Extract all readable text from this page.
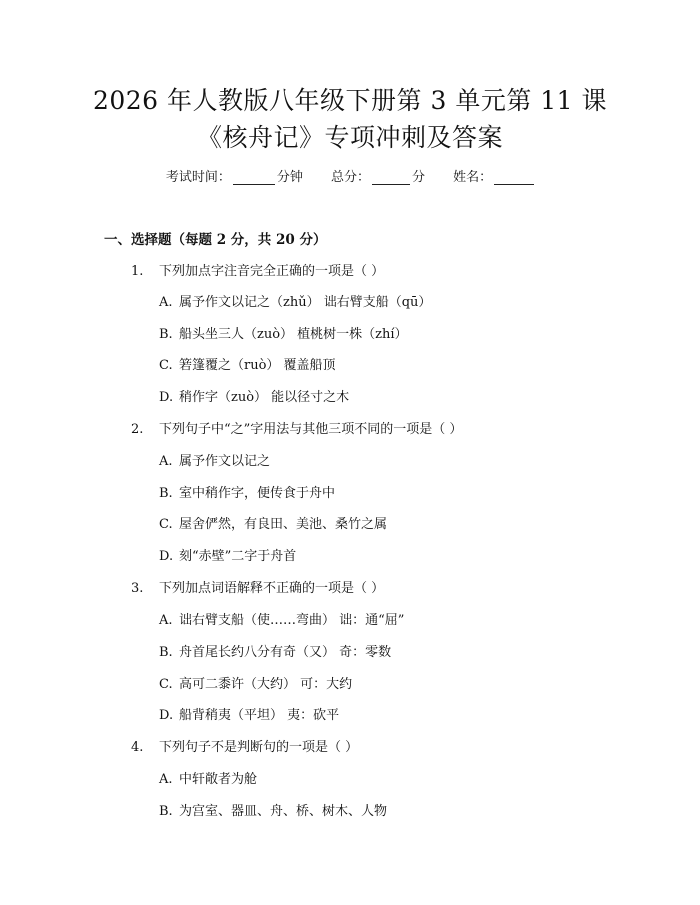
2026 年人教版八年级下册第 3 单元第 11 课
《核舟记》专项冲刺及答案
考试时间：	分钟 总分：	分 姓名：
一、选择题（每题 2 分，共 20 分）
1.	下列加点字注音完全正确的一项是（ ）
A. 属予作文以记之（zhǔ） 诎右臂支船（qū）
B. 船头坐三人（zuò） 植桃树一株（zhí）
C. 箬篷覆之（ruò） 覆盖船顶
D. 稍作字（zuò） 能以径寸之木
2.	下列句子中“之”字用法与其他三项不同的一项是（ ）
A. 属予作文以记之
B. 室中稍作字，便传食于舟中
C. 屋舍俨然，有良田、美池、桑竹之属
D. 刻“赤壁”二字于舟首
3.	下列加点词语解释不正确的一项是（ ）
A. 诎右臂支船（使……弯曲） 诎：通“屈”
B. 舟首尾长约八分有奇（又） 奇：零数
C. 高可二黍许（大约） 可：大约
D. 船背稍夷（平坦） 夷：砍平
4.	下列句子不是判断句的一项是（ ）
A. 中轩敞者为舱
B. 为宫室、器皿、舟、桥、树木、人物
